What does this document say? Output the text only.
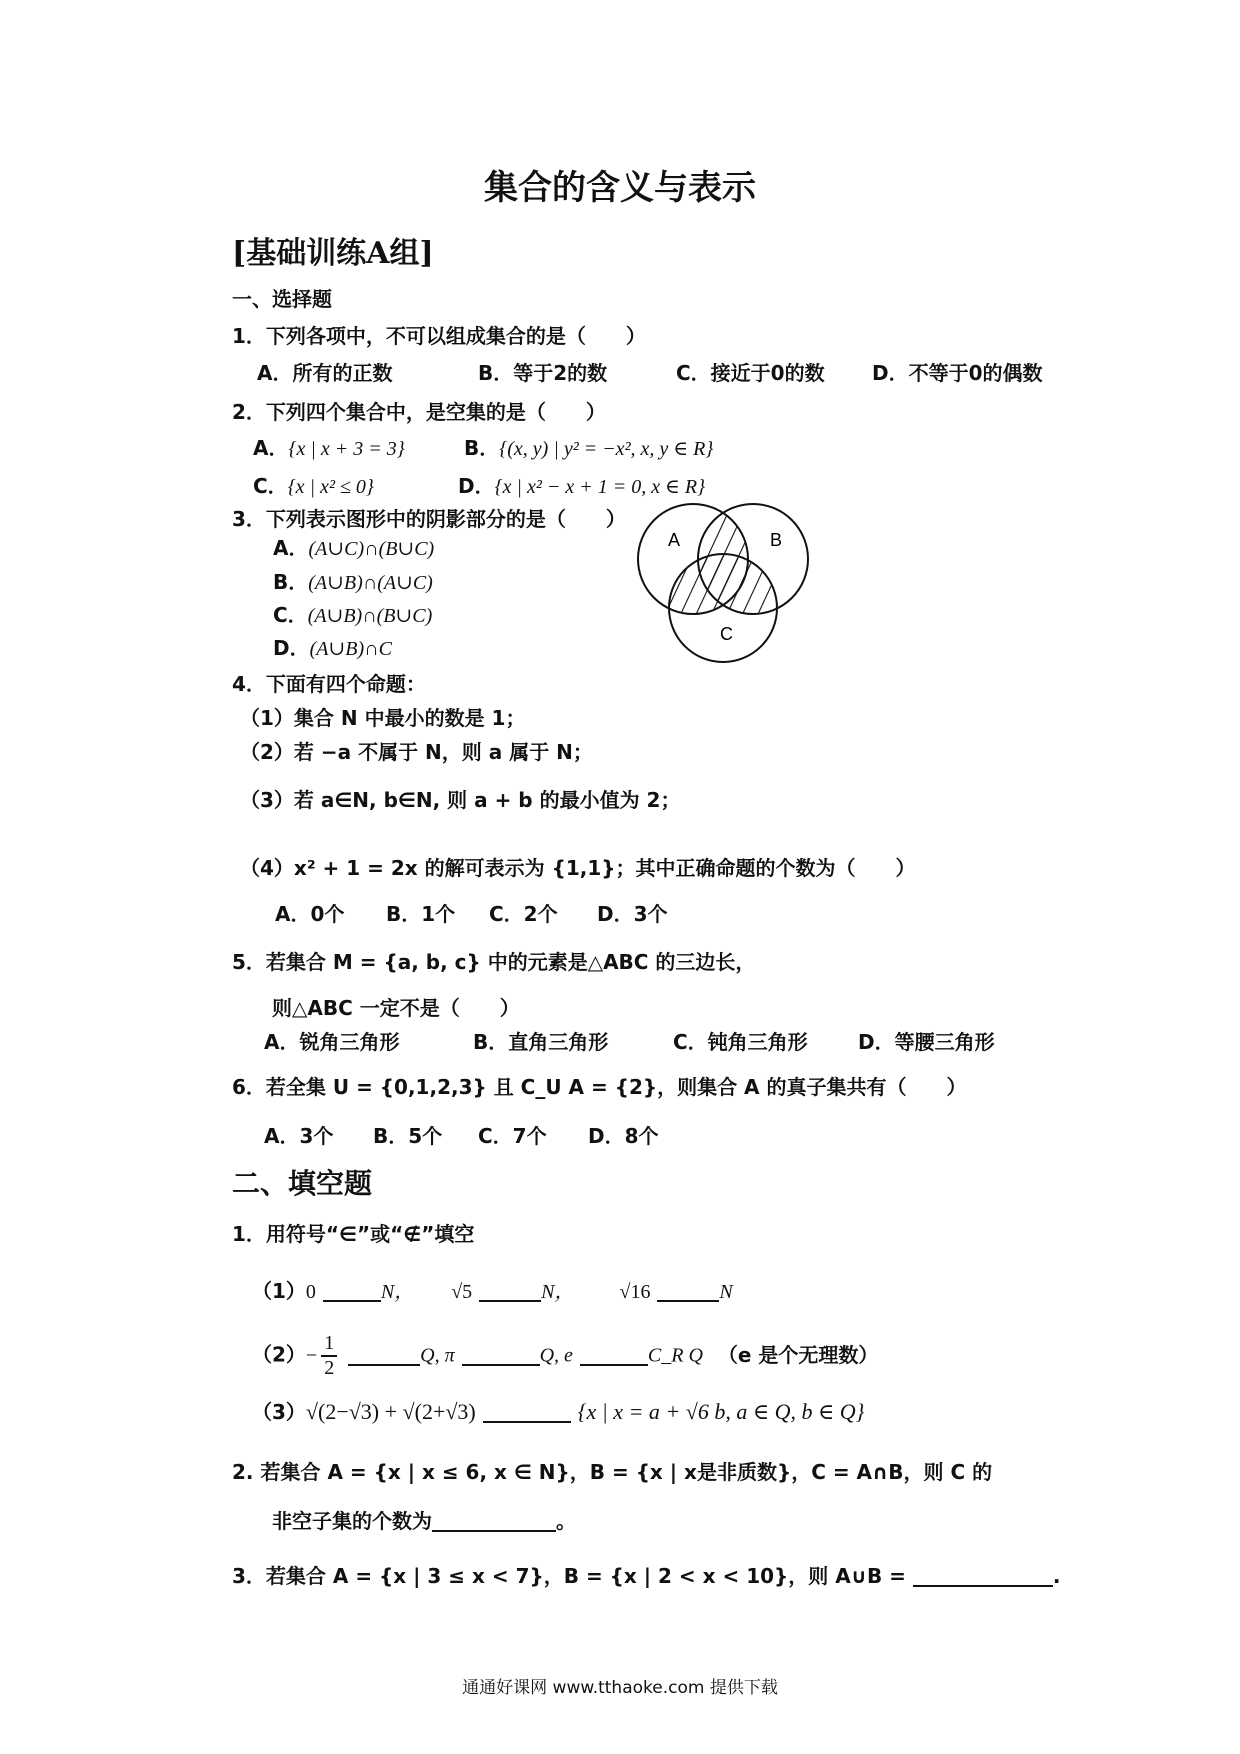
集合的含义与表示
[基础训练A组]
一、选择题
1．下列各项中，不可以组成集合的是（　　）
A．所有的正数	B．等于2的数	C．接近于0的数 D．不等于0的偶数
2．下列四个集合中，是空集的是（　　）
A．{x | x + 3 = 3}	B．{(x, y) | y² = −x², x, y ∈ R}
C．{x | x² ≤ 0}	D．{x | x² − x + 1 = 0, x ∈ R}
3．下列表示图形中的阴影部分的是（　　）
A．(A∪C)∩(B∪C)
B．(A∪B)∩(A∪C)
C．(A∪B)∩(B∪C)
D．(A∪B)∩C
A	B
C
4．下面有四个命题：
（1）集合 N 中最小的数是 1；
（2）若 −a 不属于 N，则 a 属于 N；
（3）若 a∈N, b∈N, 则 a + b 的最小值为 2；
（4）x² + 1 = 2x 的解可表示为 {1,1}；其中正确命题的个数为（　　）
A．0个 B．1个 C．2个 D．3个
5．若集合 M = {a, b, c} 中的元素是△ABC 的三边长，
则△ABC 一定不是（　　）
A．锐角三角形	B．直角三角形	C．钝角三角形	D．等腰三角形
6．若全集 U = {0,1,2,3} 且 C_U A = {2}，则集合 A 的真子集共有（　　）
A．3个 B．5个 C．7个 D．8个
二、填空题
1．用符号“∈”或“∉”填空
（1）0	N， √5	N， √16	N
$(2)- \frac{1}{2}$	Q, π	Q, e	C_R Q （e 是个无理数）
（3）√(2−√3) + √(2+√3)	{x | x = a + √6 b, a ∈ Q, b ∈ Q}
2. 若集合 A = {x | x ≤ 6, x ∈ N}，B = {x | x是非质数}，C = A∩B，则 C 的
非空子集的个数为	。
3．若集合 A = {x | 3 ≤ x < 7}，B = {x | 2 < x < 10}，则 A∪B =	.
通通好课网 www.tthaoke.com 提供下载
